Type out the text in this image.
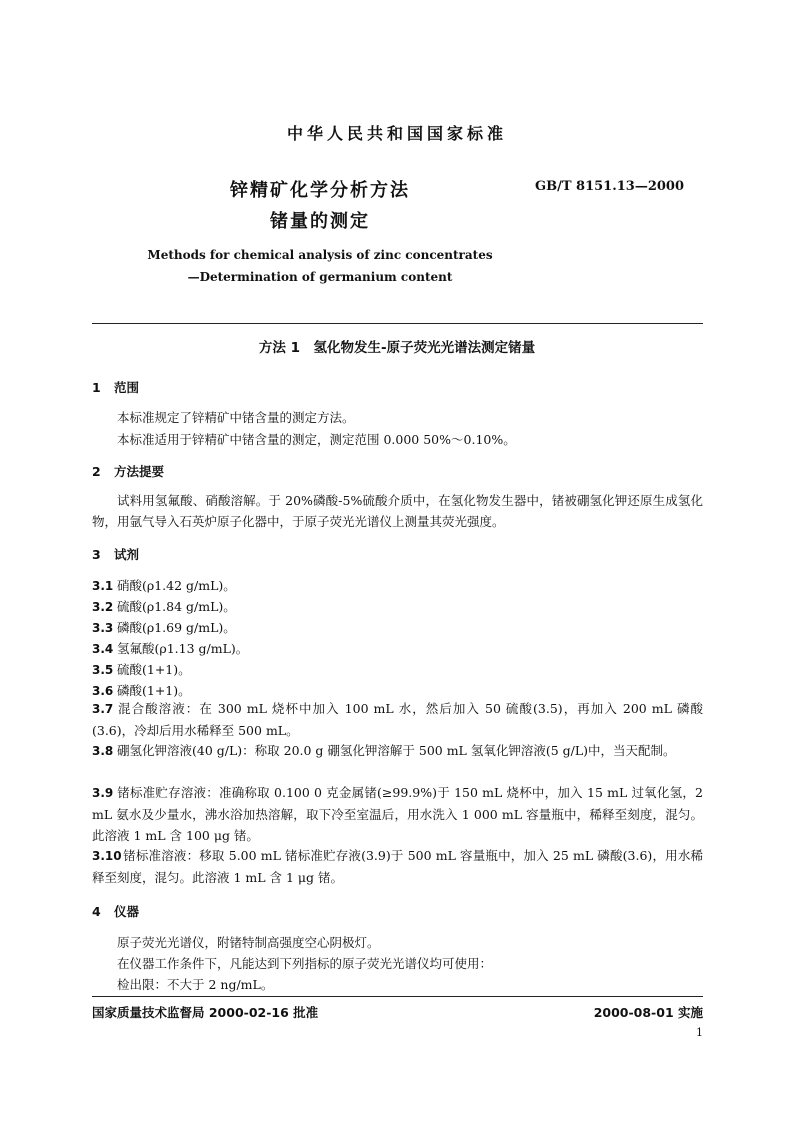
中华人民共和国国家标准
锌精矿化学分析方法
锗量的测定
GB/T 8151.13—2000
Methods for chemical analysis of zinc concentrates
—Determination of germanium content
方法 1　氢化物发生-原子荧光光谱法测定锗量
1 范围
本标准规定了锌精矿中锗含量的测定方法。
本标准适用于锌精矿中锗含量的测定，测定范围 0.000 50%～0.10%。
2 方法提要
试料用氢氟酸、硝酸溶解。于 20%磷酸-5%硫酸介质中，在氢化物发生器中，锗被硼氢化钾还原生成氢化物，用氩气导入石英炉原子化器中，于原子荧光光谱仪上测量其荧光强度。
3 试剂
3.1 硝酸(ρ1.42 g/mL)。
3.2 硫酸(ρ1.84 g/mL)。
3.3 磷酸(ρ1.69 g/mL)。
3.4 氢氟酸(ρ1.13 g/mL)。
3.5 硫酸(1+1)。
3.6 磷酸(1+1)。
3.7 混合酸溶液：在 300 mL 烧杯中加入 100 mL 水，然后加入 50 硫酸(3.5)，再加入 200 mL 磷酸(3.6)，冷却后用水稀释至 500 mL。
3.8 硼氢化钾溶液(40 g/L)：称取 20.0 g 硼氢化钾溶解于 500 mL 氢氧化钾溶液(5 g/L)中，当天配制。
3.9 锗标准贮存溶液：准确称取 0.100 0 克金属锗(≥99.9%)于 150 mL 烧杯中，加入 15 mL 过氧化氢，2 mL 氨水及少量水，沸水浴加热溶解，取下冷至室温后，用水洗入 1 000 mL 容量瓶中，稀释至刻度，混匀。此溶液 1 mL 含 100 μg 锗。
3.10锗标准溶液：移取 5.00 mL 锗标准贮存液(3.9)于 500 mL 容量瓶中，加入 25 mL 磷酸(3.6)，用水稀释至刻度，混匀。此溶液 1 mL 含 1 μg 锗。
4 仪器
原子荧光光谱仪，附锗特制高强度空心阴极灯。
在仪器工作条件下，凡能达到下列指标的原子荧光光谱仪均可使用：
检出限：不大于 2 ng/mL。
国家质量技术监督局 2000-02-16 批准	2000-08-01 实施
1
